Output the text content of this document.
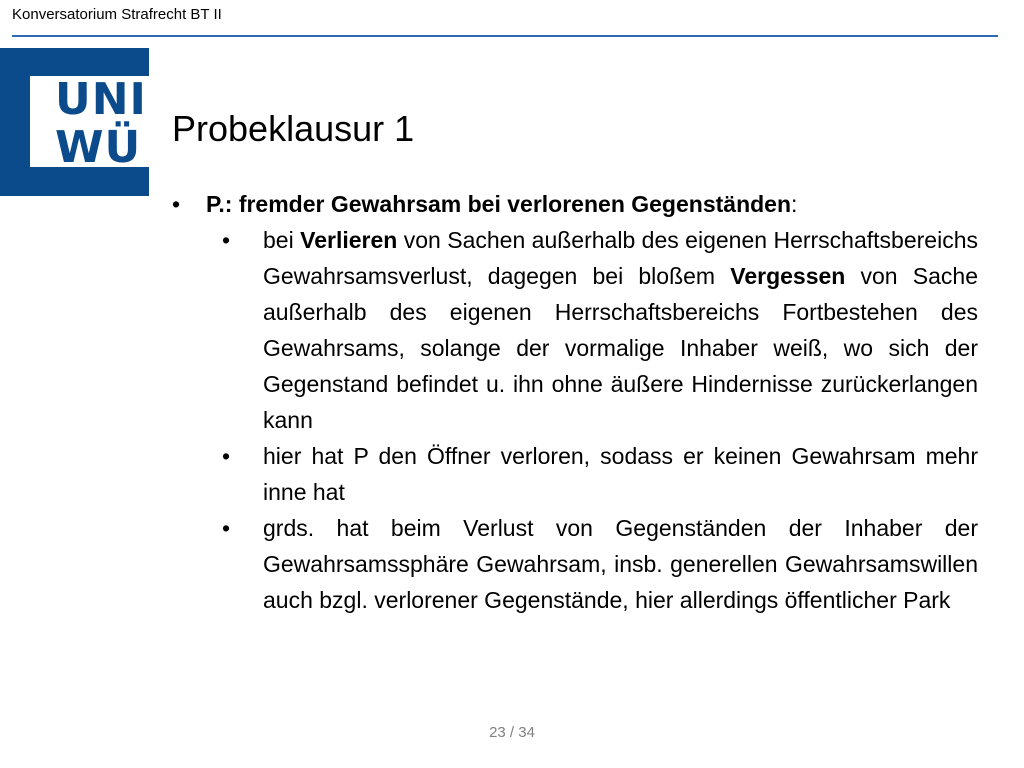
Konversatorium Strafrecht BT II
UNI
WÜ Probeklausur 1
•	P.: fremder Gewahrsam bei verlorenen Gegenständen:
•	bei Verlieren von Sachen außerhalb des eigenen Herrschaftsbereichs Gewahrsamsverlust, dagegen bei bloßem Vergessen von Sache außerhalb des eigenen Herrschaftsbereichs Fortbestehen des Gewahrsams, solange der vormalige Inhaber weiß, wo sich der Gegenstand befindet u. ihn ohne äußere Hindernisse zurückerlangen kann
•	hier hat P den Öffner verloren, sodass er keinen Gewahrsam mehr inne hat
•	grds. hat beim Verlust von Gegenständen der Inhaber der Gewahrsamssphäre Gewahrsam, insb. generellen Gewahrsamswillen auch bzgl. verlorener Gegenstände, hier allerdings öffentlicher Park
23 / 34
